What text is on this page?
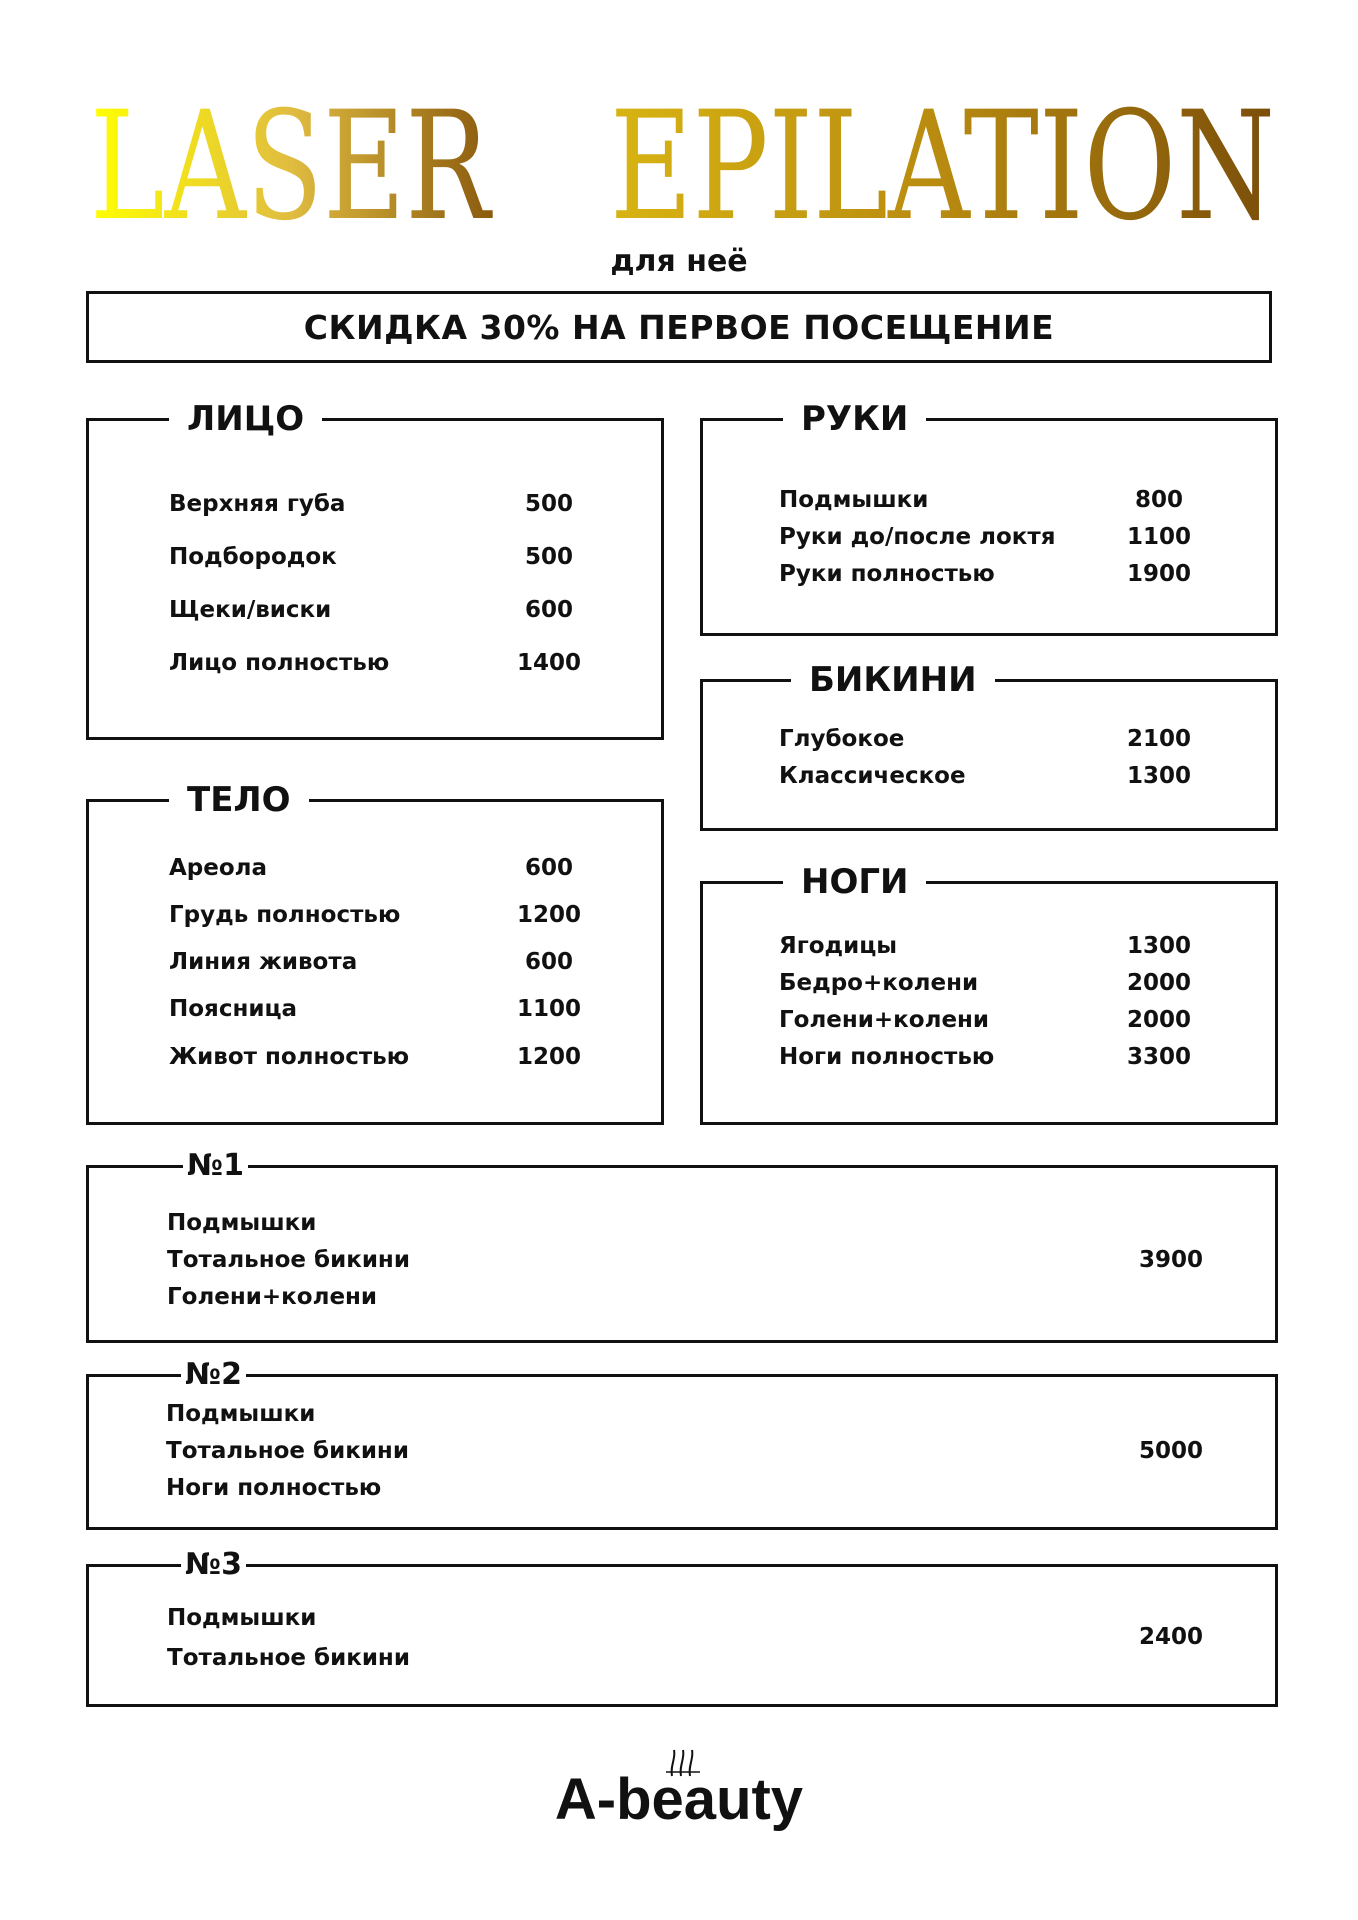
LASER EPILATION
для неё
СКИДКА 30% НА ПЕРВОЕ ПОСЕЩЕНИЕ
ЛИЦО
Верхняя губа	500
Подбородок	500
Щеки/виски	600
Лицо полностью	1400
РУКИ
Подмышки	800
Руки до/после локтя	1100
Руки полностью	1900
БИКИНИ
Глубокое	2100
Классическое	1300
ТЕЛО
Ареола	600
Грудь полностью	1200
Линия живота	600
Поясница	1100
Живот полностью	1200
НОГИ
Ягодицы	1300
Бедро+колени	2000
Голени+колени	2000
Ноги полностью	3300
№1
Подмышки
Тотальное бикини
Голени+колени
3900
№2
Подмышки
Тотальное бикини
Ноги полностью
5000
№3
Подмышки
Тотальное бикини
2400
A-beauty
